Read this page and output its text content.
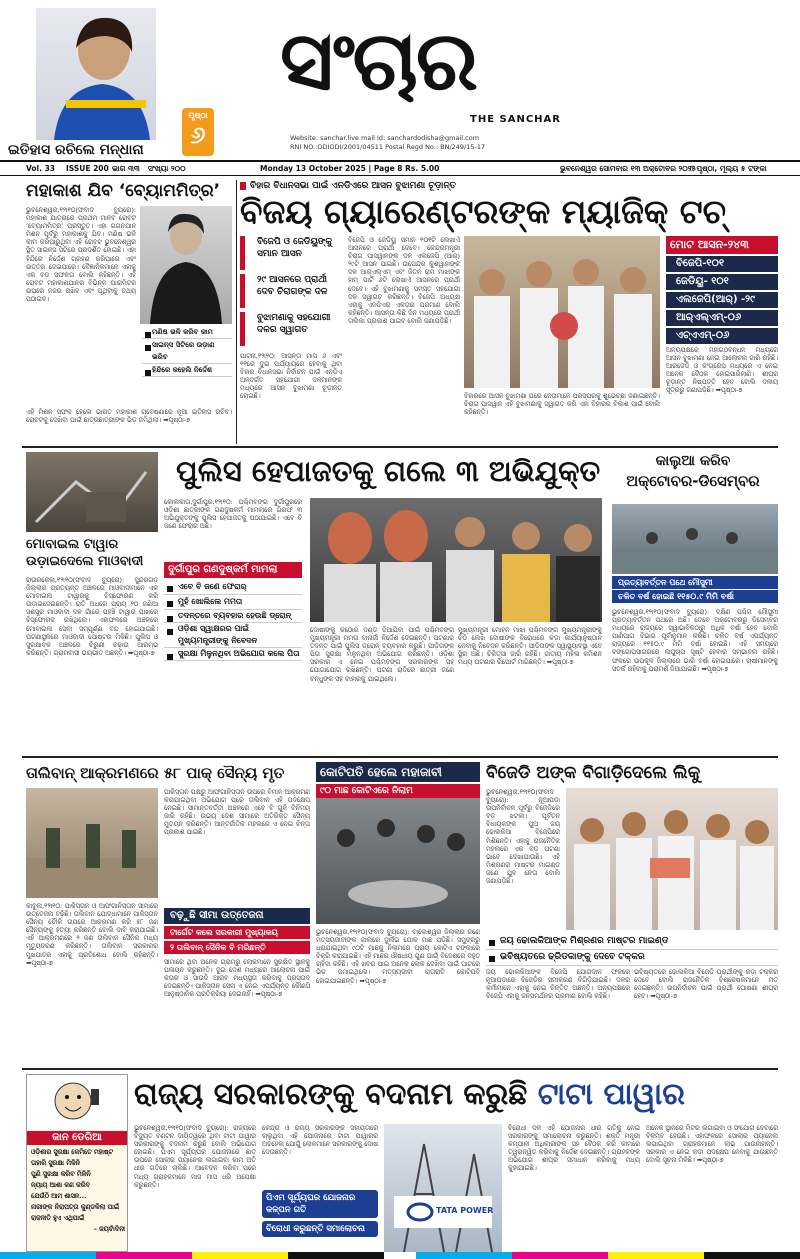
ଇତିହାସ ରଚିଲେ ମନ୍ଧାନା
ପୃଷ୍ଠା
୬
ସଂଚାର
THE SANCHAR
Website: sanchar.live mail Id: sanchardodisha@gmail.com
RNI NO.:ODIODI/2001/04511 Postal Regd No.: BN/249/15-17
Vol. 33 ISSUE 200 ଭାଗ ୩୩ ସଂଖ୍ୟା ୨୦୦	Monday 13 October 2025 | Page 8 Rs. 5.00	ଭୁବନେଶ୍ୱର ସୋମବାର ୧୩ ଅକ୍ଟୋବର ୨୦୨୫
୮ ପୃଷ୍ଠା, ମୂଲ୍ୟ ୫ ଟଙ୍କା
ମହାକାଶ ଯିବ ‘ବ୍ୟୋମମିତ୍ର’
ଭୁବନେଶ୍ୱର,୧୨ା୧୦(ସଂବାଦ ବ୍ୟୁରୋ): ମହାକାଶ ଯାତ୍ରାରେ ପ୍ରଥମ ମାନବ ରୋବଟ ‘ବ୍ୟୋମମିତ୍ର’ ପ୍ରସ୍ତୁତ। ଏହା ଗଗନଯାନ ମିଶନ ପୂର୍ବରୁ ମହାକାଶକୁ ଯିବ। ମଣିଷ ଭଳି କାମ କରିପାରୁଥିବା ଏହି ରୋବଟ ଭୁବନେଶ୍ୱର ସ୍ଥିତ ସାଇନ୍ସ ସିଟିରେ ପ୍ରଦର୍ଶିତ ହୋଇଛି। ଏହା ହିନ୍ଦିରେ ନିର୍ଦ୍ଦେଶ ଗ୍ରହଣ କରିପାରେ ଏବଂ ଉତ୍ତର ଦେଇପାରେ। ବୈଜ୍ଞାନିକମାନେ ଏହାକୁ ଏକ ବଡ଼ ସଫଳତା ବୋଲି କହିଛନ୍ତି। ଏହି ରୋବଟ ମହାକାଶଯାନର ବିଭିନ୍ନ ପାରାମିଟର ଉପରେ ନଜର ରଖିବ ଏବଂ ପୃଥିବୀକୁ ତଥ୍ୟ ପଠାଇବ।
ମଣିଷ ଭଳି କରିବ କାମ
ସାଇନ୍ସ ସିଟିରେ ଉଡ଼ାଣ ଭରିବ
ହିନ୍ଦିରେ କହେଲି ନିର୍ଦ୍ଦେଶ
ଏହି ମିଶନ ସଫଳ ହେଲେ ଭାରତ ମହାକାଶ ଗବେଷଣାରେ ନୂଆ ଇତିହାସ ରଚିବ। ରୋବଟକୁ ଦେଖିବା ପାଇଁ ଛାତ୍ରଛାତ୍ରୀଙ୍କ ଭିଡ଼ ଜମିଥିଲା। ➡ପୃଷ୍ଠା-୭
ବିହାର ବିଧାନସଭା ପାଇଁ ଏନଡିଏରେ ଆସନ ବୁଝାମଣା ଚୂଡ଼ାନ୍ତ
ବିଜୟ ଗ୍ୟାରେଣ୍ଟରଙ୍କ ମ୍ୟାଜିକ୍ ଟଚ୍
ବିଜେପି ଓ ଜେଡିୟୁଙ୍କୁ ସମାନ ଆସନ
୨୯ ଆସନରେ ପ୍ରାର୍ଥୀ ଦେବ ଚିରାଗଙ୍କ ଦଳ
ବୁଝାମଣାକୁ ସହଯୋଗୀ ଦଳର ସ୍ୱାଗତ
ପାଟନା,୧୨ା୧୦: ଆସନ୍ତା ମାସ ୬ ଏବଂ ୧୧ରେ ଦୁଇ ପର୍ଯ୍ୟାୟରେ ହେବାକୁ ଥିବା ବିହାର ବିଧାନସଭା ନିର୍ବାଚନ ପାଇଁ ଏନଡିଏ ଅନ୍ତର୍ଗତ ସହଯୋଗୀ ଦଳମାନଙ୍କ ମଧ୍ୟରେ ଆସନ ବୁଝାମଣା ଚୂଡ଼ାନ୍ତ ହୋଇଛି।
ବିଜେପି ଓ ଜେଡିୟୁ ସମାନ ୧୦୧ଟି ଲେଖାଏଁ ଆସନରେ ପ୍ରାର୍ଥୀ ଦେବେ। କେନ୍ଦ୍ରମନ୍ତ୍ରୀ ଚିରାଗ ପାସୱାନଙ୍କ ଦଳ ଏଲଜେପି (ଆର୍) ୨୯ଟି ଆସନ ପାଇଛି। ଉପେନ୍ଦ୍ର କୁଶୱାହାଙ୍କ ଦଳ ଆର୍‌ଏଲ୍‌ଏମ୍ ଏବଂ ଜିତନ ରାମ ମାଝୀଙ୍କ ହାମ୍ ପାର୍ଟି ୬ଟି ଲେଖାଏଁ ଆସନରେ ପ୍ରାର୍ଥୀ ଦେବେ। ଏହି ବୁଝାମଣାକୁ ସମସ୍ତ ସହଯୋଗୀ ଦଳ ସ୍ୱାଗତ କରିଛନ୍ତି। ବିଜେପି ଅଧ୍ୟକ୍ଷ ଏହାକୁ ଏନଡିଏର ଏକତାର ପ୍ରମାଣ ବୋଲି କହିଛନ୍ତି। ଆସନ୍ତା କିଛି ଦିନ ମଧ୍ୟରେ ପ୍ରାର୍ଥୀ ତାଲିକା ପ୍ରକାଶ ପାଇବ ବୋଲି ଜଣାପଡ଼ିଛି।
ବିହାରରେ ଆସନ ବୁଝାମଣା ପରେ ନେତାମାନେ ପରସ୍ପରକୁ ଶୁଭେଚ୍ଛା ଜଣାଇଛନ୍ତି। ଚିରାଗ ପାସୱାନ ଏହି ବୁଝାମଣାକୁ ସ୍ୱାଗତ କରି ଏହା ବିହାରର ବିକାଶ ପାଇଁ ବୋଲି କହିଛନ୍ତି।
ମୋଟ ଆସନ-୨୪୩
ବିଜେପି-୧୦୧
ଜେଡିୟୁ- ୧୦୧
ଏଲଜେପି(ଆର୍) -୨୯
ଆର୍‌ଏଲ୍‌ଏମ୍-୦୬
ଏଚ୍‌ଏଏମ୍-୦୬
ଅନ୍ୟପକ୍ଷରେ ମହାଗଠବନ୍ଧନ ମଧ୍ୟରେ ଆସନ ବୁଝାମଣା ନେଇ ଆଲୋଚନା ଜାରି ରହିଛି। ଆରଜେଡି ଓ କଂଗ୍ରେସ ମଧ୍ୟରେ ଏ ନେଇ ଅନେକ ବୈଠକ ହୋଇସାରିଲାଣି। ଶୀଘ୍ର ଚୂଡ଼ାନ୍ତ ନିଷ୍ପତ୍ତି ହେବ ବୋଲି ଦଳୀୟ ସୂତ୍ରରୁ ଜଣାପଡ଼ିଛି। ➡ପୃଷ୍ଠା-୭
ପୁଲିସ ହେପାଜତକୁ ଗଲେ ୩ ଅଭିଯୁକ୍ତ
କୋଲକାତା,ଦୁର୍ଗାପୁର,୧୨ା୧୦: ପଶ୍ଚିମବଙ୍ଗ ଦୁର୍ଗାପୁରରେ ଓଡ଼ିଶା ଛାତ୍ରୀଙ୍କ ଗଣଦୁଷ୍କର୍ମ ମାମଲାରେ ଗିରଫ ୩ ଅଭିଯୁକ୍ତଙ୍କୁ ପୁଲିସ ହେପାଜତକୁ ପଠାଯାଇଛି। ଏବେ ବି ଜଣେ ଫେରାର ଅଛି।
ଦୁର୍ଗାପୁର ଗଣଦୁଷ୍କର୍ମ ମାମଲା
ଏବେ ବି ଜଣେ ଫେରାର୍
ମୁହଁ ଖୋଲିଲେ ମମତା
ତଦନ୍ତରେ ବ୍ୟବହାର ହେଉଛି ଡ୍ରୋନ୍
ଓଡ଼ିଶା ସ୍ୱାକ୍ଷରର ପାଇଁ ମୁଖ୍ୟମନ୍ତ୍ରୀଙ୍କୁ ନିବେଦନ
ସୁରକ୍ଷା ମିଳୁନଥିବା ଅଭିଯୋଗ କଲେ ପିତା
ଦୋଷୀଙ୍କୁ କଠୋର ଦଣ୍ଡ ଦିଆଯିବା ପାଇଁ ପଶ୍ଚିମବଙ୍ଗ ମୁଖ୍ୟମନ୍ତ୍ରୀ ମମତା ବାନାର୍ଜୀ ନିର୍ଦ୍ଦେଶ ଦେଇଛନ୍ତି। ଘଟଣାର ତଦନ୍ତ ପାଇଁ ପୁଲିସ ଡ୍ରୋନ୍ ବ୍ୟବହାର କରୁଛି। ପୀଡ଼ିତାଙ୍କ ପିତା ସୁରକ୍ଷା ମିଳୁନଥିବା ଅଭିଯୋଗ କରିଛନ୍ତି। ଓଡ଼ିଶା ସରକାର ଏ ନେଇ ପଶ୍ଚିମବଙ୍ଗ ସରକାରଙ୍କ ସହ ଯୋଗାଯୋଗ ରଖିଛନ୍ତି। ଘଟଣା ରାତିରେ ଛାତ୍ରୀ ଜଣେ ବନ୍ଧୁଙ୍କ ସହ ବାହାରକୁ ଯାଇଥିଲେ।
ମୁଖ୍ୟମନ୍ତ୍ରୀ ମୋହନ ମାଝୀ ପଶ୍ଚିମବଙ୍ଗ ମୁଖ୍ୟମନ୍ତ୍ରୀଙ୍କୁ ଚିଠି ଲେଖି ଦୋଷୀଙ୍କ ବିରୋଧରେ କଡ଼ା କାର୍ଯ୍ୟାନୁଷ୍ଠାନ ନେବାକୁ ନିବେଦନ କରିଛନ୍ତି। ପୀଡ଼ିତାଙ୍କ ସ୍ୱାସ୍ଥ୍ୟାବସ୍ଥା ଏବେ ସ୍ଥିର ଅଛି। ଚିକିତ୍ସା ଜାରି ରହିଛି। ଜାତୀୟ ମହିଳା କମିଶନ ମଧ୍ୟ ଘଟଣାର ରିପୋର୍ଟ ମାଗିଛନ୍ତି। ➡ପୃଷ୍ଠା-୭
ମୋବାଇଲ ଟାୱାର ଉଡ଼ାଇଦେଲେ ମାଓବାଦୀ
ରାଉରକେଲା,୧୨ା୧୦(ସଂବାଦ ବ୍ୟୁରୋ): ସୁନ୍ଦରଗଡ଼ ଜିଲ୍ଲାର ପ୍ରତ୍ୟନ୍ତ ଅଞ୍ଚଳରେ ମାଓବାଦୀମାନେ ଏକ ମୋବାଇଲ ଟାୱାରକୁ ବିସ୍ଫୋରଣ କରି ଉଡ଼ାଇଦେଇଛନ୍ତି। ରାତି ଅଧରେ ପ୍ରାୟ ୨୦ ଜଣିଆ ସଶସ୍ତ୍ର ମାଓବାଦୀ ଦଳ ଗାଁରେ ପହଞ୍ଚି ଟାୱାର ପାଖରେ ବିସ୍ଫୋରକ ରଖିଥିଲେ। ଏହାଫଳରେ ଅଞ୍ଚଳରେ ମୋବାଇଲ ସେବା ସମ୍ପୂର୍ଣ୍ଣ ବନ୍ଦ ହୋଇଯାଇଛି। ଘଟଣାସ୍ଥଳରେ ମାଓବାଦୀ ପୋଷ୍ଟର ମିଳିଛି। ପୁଲିସ ଓ ସୁରକ୍ଷାବଳ ଅଞ୍ଚଳରେ ଚିରୁଣୀ ଚଢ଼ାଉ ଆରମ୍ଭ କରିଛନ୍ତି। ଗ୍ରାମବାସୀ ଭୟଭୀତ ଅଛନ୍ତି। ➡ପୃଷ୍ଠା-୭
କାଲୁଆ କରିବ
ଅକ୍ଟୋବର-ଡିସେମ୍ବର
ପ୍ରତ୍ୟାବର୍ତ୍ତନ ପଥେ ମୌସୁମୀ
ଚଳିତ ବର୍ଷ ହୋଇଛି ୧୧୫୦.୯ ମିମି ବର୍ଷା
ଭୁବନେଶ୍ୱର,୧୨ା୧୦(ସଂବାଦ ବ୍ୟୁରୋ): ଦକ୍ଷିଣ ପଶ୍ଚିମ ମୌସୁମୀ ପ୍ରତ୍ୟାବର୍ତ୍ତନ ପଥରେ ଅଛି। ତେବେ ଅକ୍ଟୋବରରୁ ଡିସେମ୍ବର ମଧ୍ୟରେ ରାଜ୍ୟରେ ସ୍ୱାଭାବିକଠାରୁ ଅଧିକ ବର୍ଷା ହେବ ବୋଲି ପାଣିପାଗ ବିଭାଗ ପୂର୍ବାନୁମାନ କରିଛି। ଚଳିତ ବର୍ଷ ଏପର୍ଯ୍ୟନ୍ତ ରାଜ୍ୟରେ ୧୧୫୦.୯ ମିମି ବର୍ଷା ହୋଇଛି। ଏହି ସମୟରେ ବଙ୍ଗୋପସାଗରରେ ଲଘୁଚାପ ସୃଷ୍ଟି ହେବାର ସମ୍ଭାବନା ରହିଛି। ଫଳରେ ଉପକୂଳ ଜିଲ୍ଲାରେ ଭାରି ବର୍ଷା ହୋଇପାରେ। ଚାଷୀମାନଙ୍କୁ ସତର୍କ ରହିବାକୁ ପରାମର୍ଶ ଦିଆଯାଇଛି। ➡ପୃଷ୍ଠା-୭
ତାଲିବାନ୍ ଆକ୍ରମଣରେ ୫୮ ପାକ୍ ସୈନ୍ୟ ମୃତ
କାବୁଲ,୧୨ା୧୦: ପାକିସ୍ତାନ ଓ ଆଫଗାନିସ୍ତାନ ସୀମାରେ ଉତ୍ତେଜନା ବଢ଼ିଛି। ତାଲିବାନ ଯୋଦ୍ଧାମାନେ ପାକିସ୍ତାନ ସୈନ୍ୟ ଚୌକି ଉପରେ ଆକ୍ରମଣ କରି ୫୮ ଜଣ ସୈନ୍ୟଙ୍କୁ ହତ୍ୟା କରିଛନ୍ତି ବୋଲି ଦାବି କରାଯାଇଛି। ଏହି ଆକ୍ରମଣରେ ୨ ଜଣ ତାଲିବାନ ସୈନିକ ମଧ୍ୟ ମୃତ୍ୟୁବରଣ କରିଛନ୍ତି। ତାଲିବାନ ସରକାରର ମୁଖପାତ୍ର ଏହାକୁ ପ୍ରତିଶୋଧ ବୋଲି କହିଛନ୍ତି। ➡ପୃଷ୍ଠା-୭
ପାକିସ୍ତାନ ପକ୍ଷରୁ ଆଫଗାନିସ୍ତାନ ଉପରେ ବିମାନ ଆକ୍ରମଣ କରାଯାଇଥିବା ଅଭିଯୋଗ ପରେ ତାଲିବାନ ଏହି ପଦକ୍ଷେପ ନେଇଛି। ସୀମାନ୍ତବର୍ତ୍ତୀ ଅଞ୍ଚଳରେ ଏବେ ବି ଗୁଳି ବିନିମୟ ଜାରି ରହିଛି। ଉଭୟ ଦେଶ ସୀମାରେ ଅତିରିକ୍ତ ସୈନ୍ୟ ମୁତୟନ କରିଛନ୍ତି। ଆନ୍ତର୍ଜାତିକ ମହଲରେ ଏ ନେଇ ଚିନ୍ତା ପ୍ରକାଶ ପାଇଛି।
ବଢ଼ୁଛି ସୀମା ଉତ୍ତେଜନା
ଟାର୍ଗେଟ କଲେ ସରକାରୀ ମୁଖ୍ୟାଳୟ
୨ ତାଲିବାନ୍ ସୈନିକ ବି ମରିଛନ୍ତି
ସୀମାରେ ଥିବା ଅନେକ ଗ୍ରାମରୁ ଲୋକମାନେ ସୁରକ୍ଷିତ ସ୍ଥାନକୁ ପଳାୟନ କରୁଛନ୍ତି। ଦୁଇ ଦେଶ ମଧ୍ୟରେ ଆଲୋଚନା ପାଇଁ କତାର ଓ ସାଉଦି ଆରବ ମଧ୍ୟସ୍ଥତା କରିବାକୁ ପ୍ରସ୍ତାବ ଦେଇଛନ୍ତି। ପାକିସ୍ତାନ ସେନା ଏ ନେଇ ଏପର୍ଯ୍ୟନ୍ତ କୌଣସି ଆନୁଷ୍ଠାନିକ ପ୍ରତିକ୍ରିୟା ଦେଇନାହିଁ। ➡ପୃଷ୍ଠା-୭
କୋଟିପତି ହେଲେ ମହାଜାବୀ
୯୦ ମାଛ କୋଟିଏରେ ନିଲାମ
ଭୁବନେଶ୍ୱର,୧୨ା୧୦(ସଂବାଦ ବ୍ୟୁରୋ): ବାଲେଶ୍ୱର ଜିଲ୍ଲାର ଜଣେ ମତ୍ସ୍ୟଜୀବୀଙ୍କ ଜାଲରେ ଦୁର୍ଲଭ ଘୋଳ ମାଛ ପଡ଼ିଛି। ସମୁଦ୍ରରୁ ଧରାଯାଇଥିବା ୯୦ଟି ମାଛକୁ ନିଲାମରେ ପ୍ରାୟ କୋଟିଏ ଟଙ୍କାରେ ବିକ୍ରି କରାଯାଇଛି। ଏହି ମାଛର ଔଷଧୀୟ ଗୁଣ ପାଇଁ ବିଦେଶରେ ବହୁତ ଚାହିଦା ରହିଛି। ଏହି ଖବର ପାଇ ଅନେକ ଲୋକ ଦେଖିବା ପାଇଁ ଘାଟରେ ଭିଡ଼ ଜମାଇଥିଲେ। ମତ୍ସ୍ୟଜୀବୀ ରାତାରାତି କୋଟିପତି ହୋଇଯାଇଛନ୍ତି। ➡ପୃଷ୍ଠା-୭
ବିଜେଡି ଅଙ୍କ ବିଗାଡ଼ିଦେଲେ ଲିକୁ
ଭୁବନେଶ୍ୱର,୧୨ା୧୦(ସଂବାଦ ବ୍ୟୁରୋ): ନୂଆପଡ଼ା ଉପନିର୍ବାଚନ ପୂର୍ବରୁ ବିଜେଡିରେ ବଡ଼ ଝଟକା। ପୂର୍ବତନ ବିଧାୟକଙ୍କ ପୁଅ ଜୟ ଢୋଲକିଆ ବିଜେପିରେ ମିଶିଛନ୍ତି। ଏହାକୁ ରାଜନୈତିକ ମହଲରେ ଏକ ବଡ଼ ଘଟଣା ଭାବେ ଦେଖାଯାଉଛି। ଏହି ମିଶ୍ରଣର ମାଷ୍ଟର ମାଇଣ୍ଡ ଜଣେ ଯୁବ ନେତା ବୋଲି ଜଣାପଡ଼ିଛି।
ଜୟ ଢୋଲକିଆଙ୍କ ମିଶ୍ରଣର ମାଷ୍ଟର ମାଇଣ୍ଡ
ଭବିଷ୍ୟତରେ ଢ୍ରିଡକାଙ୍କୁ ଦେବେ ଟକ୍କର
ଜୟ ଢୋଲକିଆଙ୍କ ବିଜେପି ଯୋଗଦାନ ଫଳରେ ନୂଆପଡ଼ାରେ ବିଜେଡିର ସମୀକରଣ ବିଗିଡ଼ିଯାଇଛି। ଦଳର କର୍ମୀମାନେ ଏହାକୁ ନେଇ ଚିନ୍ତିତ ଅଛନ୍ତି। ଅନ୍ୟପକ୍ଷରେ ବିଜେପି ଏହାକୁ ଜନସମର୍ଥନର ପ୍ରମାଣ ବୋଲି କହିଛି।
ଭବିଷ୍ୟତରେ ଢୋଲକିଆ ବିଜେଡି ପ୍ରାର୍ଥୀଙ୍କୁ କଡ଼ା ଟକ୍କର ଦେବେ ବୋଲି ରାଜନୈତିକ ବିଶ୍ଳେଷକମାନେ ମତ ଦେଇଛନ୍ତି। ଉପନିର୍ବାଚନ ପାଇଁ ପ୍ରାର୍ଥୀ ଘୋଷଣା ଶୀଘ୍ର ହେବ। ➡ପୃଷ୍ଠା-୭
କାନ ଡେରିଆ
ଓଡ଼ିଶାର ସୁରକ୍ଷା କେମିତେ ମହାଷ୍ଟ
ତାହାରି ସୁରକ୍ଷା ମିଳିନି
ପୁଣି ସୁରକ୍ଷା କରିବ ମିଳିନି
ନ୍ୟାୟ ଆଶା କଣ କରିବ
ଯେଉଁଠି ଆମ ଶାସନ...
ନାରୀଙ୍କ ନିରାପତ୍ତା କୁଣ୍ଡଳିଲା ପାଇଁ
ରାଜନୀତି ହୁଏ ଏଥିପାଇଁ
– ଜୟଚାଁଦିନୀ
ରାଜ୍ୟ ସରକାରଙ୍କୁ ବଦନାମ କରୁଛି ଟାଟା ପାୱାର
ଭୁବନେଶ୍ୱର,୧୨ା୧୦(ସଂବାଦ ବ୍ୟୁରୋ): ରାଜ୍ୟରେ ବିଦ୍ୟୁତ ବଣ୍ଟନ ଦାୟିତ୍ୱରେ ଥିବା ଟାଟା ପାୱାର ସରକାରଙ୍କୁ ବଦନାମ କରୁଛି ବୋଲି ଅଭିଯୋଗ ହୋଇଛି। ପିଏମ ସୂର୍ଯ୍ୟଘର ଯୋଜନାରେ ଛାତ ଉପରେ ସୋଲାର ପ୍ୟାନେଲ ଲଗାଇବା କାମ ଅତି ଧୀର ଗତିରେ ଚାଲିଛି। ଆବେଦନ କରିବା ପରେ ମଧ୍ୟ ଗ୍ରାହକମାନେ ମାସ ମାସ ଧରି ଅପେକ୍ଷା କରୁଛନ୍ତି।
କେନ୍ଦ୍ର ଓ ରାଜ୍ୟ ସରକାରଙ୍କ ସହାୟତାରେ ଚାଲୁଥିବା ଏହି ଯୋଜନାରେ ଟାଟା ପାୱାରର ଅବହେଳା ଯୋଗୁଁ ଲୋକମାନେ ସରକାରଙ୍କୁ ଦୋଷ ଦେଉଛନ୍ତି।
ପିଏମ ସୂର୍ଯ୍ୟଘର ଯୋଜନାର କଳ୍ପନ ଗତି
ବିରୋଧୀ କରୁଛନ୍ତି ସମାଲୋଚନା
TATA POWER
ବିରୋଧୀ ଦଳ ଏହି ଯୋଜନାର ଧୀର ଗତିକୁ ନେଇ ସରକାରଙ୍କୁ ସମାଲୋଚନା କରୁଛନ୍ତି। ଶକ୍ତି ମନ୍ତ୍ରୀ କମ୍ପାନୀ ଅଧିକାରୀଙ୍କ ସହ ବୈଠକ କରି କାମରେ ତ୍ୱରାନ୍ୱିତ କରିବାକୁ ନିର୍ଦ୍ଦେଶ ଦେଇଛନ୍ତି। ଗ୍ରାହକଙ୍କ ଅଭିଯୋଗ ଶୀଘ୍ର ସମାଧାନ କରିବାକୁ ମଧ୍ୟ କୁହାଯାଇଛି।
ଅନେକ ସ୍ଥାନରେ ମିଟର ଲଗାଇବା ଓ ସଂଯୋଗ ଦେବାରେ ବିଳମ୍ବ ହେଉଛି। ଏହାଫଳରେ ସୋଲାର ପ୍ୟାନେଲ ଲଗାଇଥିବା ଗ୍ରାହକମାନେ ଲାଭ ପାଉନାହାନ୍ତି। ସରକାର ଏ ନେଇ କଡ଼ା ପଦକ୍ଷେପ ନେବାକୁ ଯାଉଛନ୍ତି ବୋଲି ସୂଚନା ମିଳିଛି। ➡ପୃଷ୍ଠା-୭
